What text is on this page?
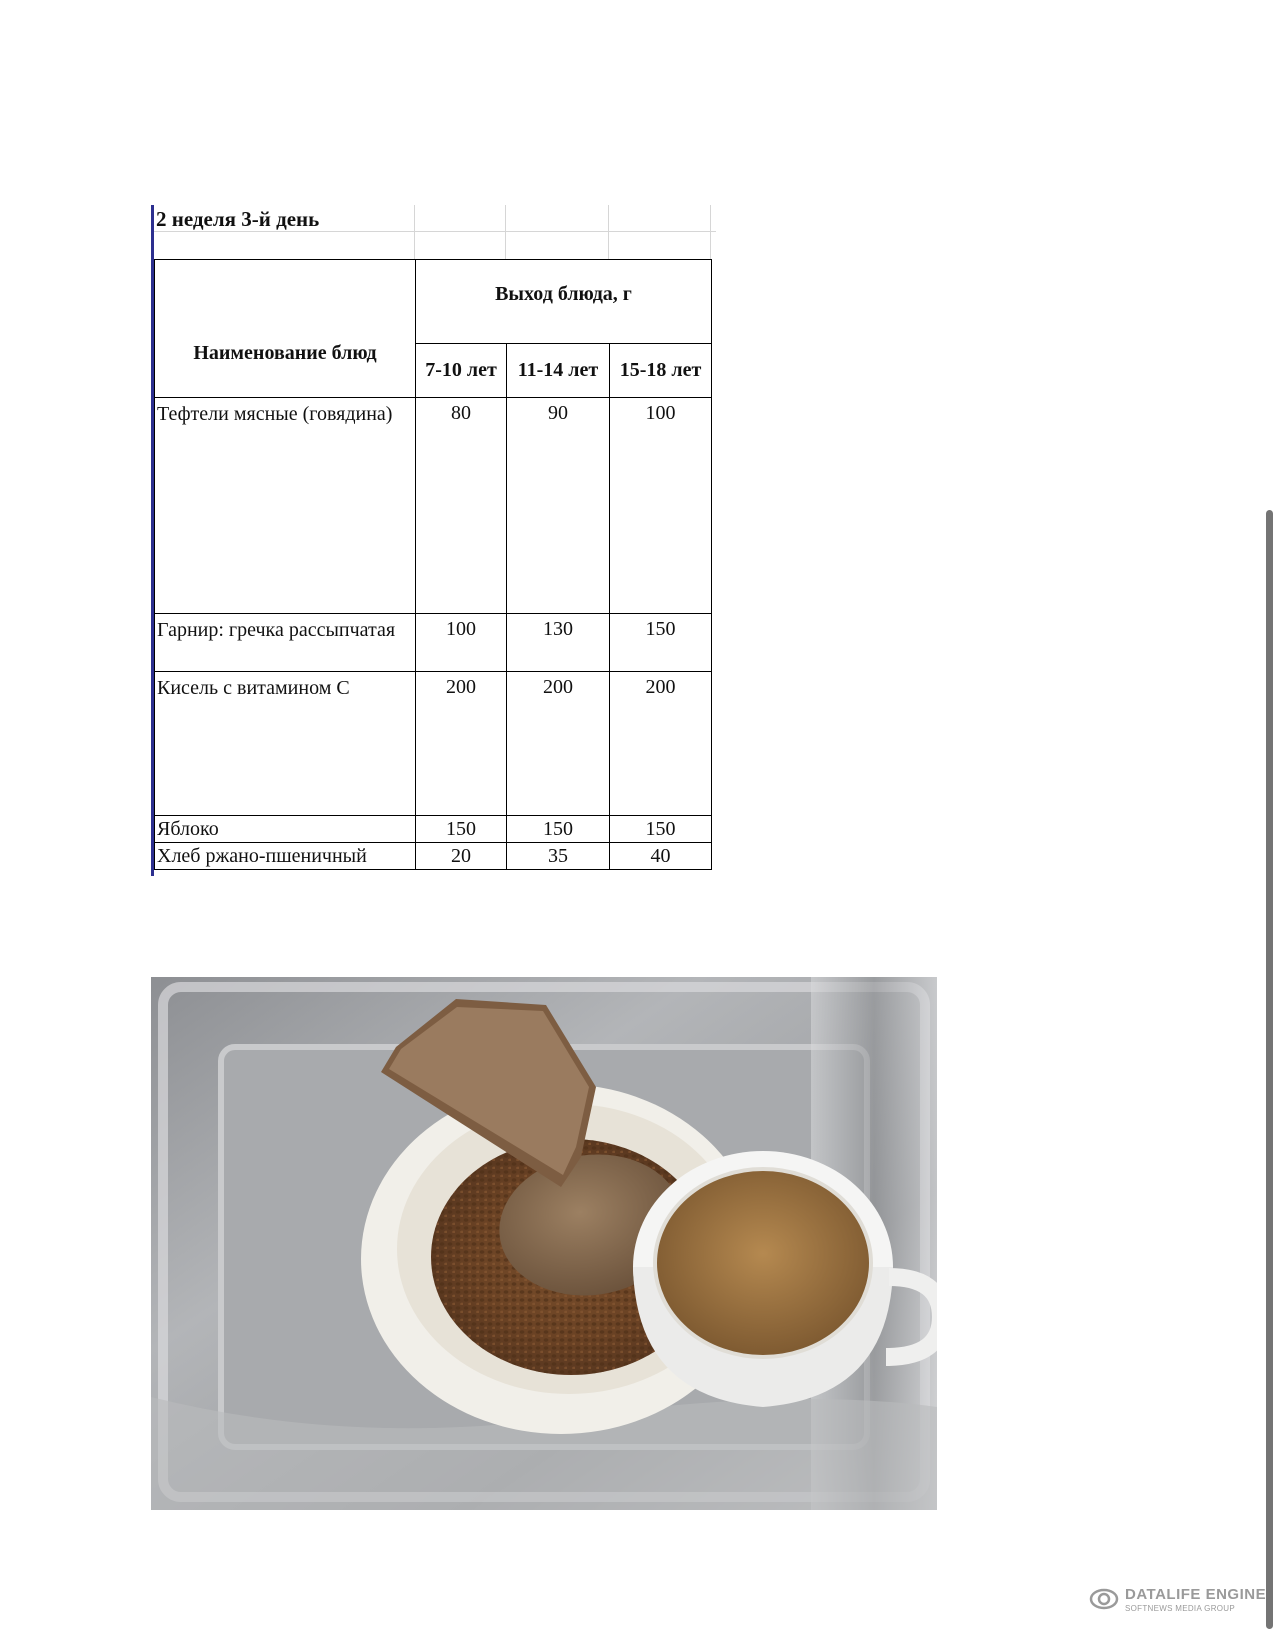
2 неделя 3-й день
Наименование блюд	Выход блюда, г		
	7-10 лет	11-14 лет	15-18 лет
Тефтели мясные (говядина)	80	90	100
Гарнир: гречка рассыпчатая	100	130	150
Кисель с витамином С	200	200	200
Яблоко	150	150	150
Хлеб ржано-пшеничный	20	35	40
DATALIFE ENGINE
SOFTNEWS MEDIA GROUP
